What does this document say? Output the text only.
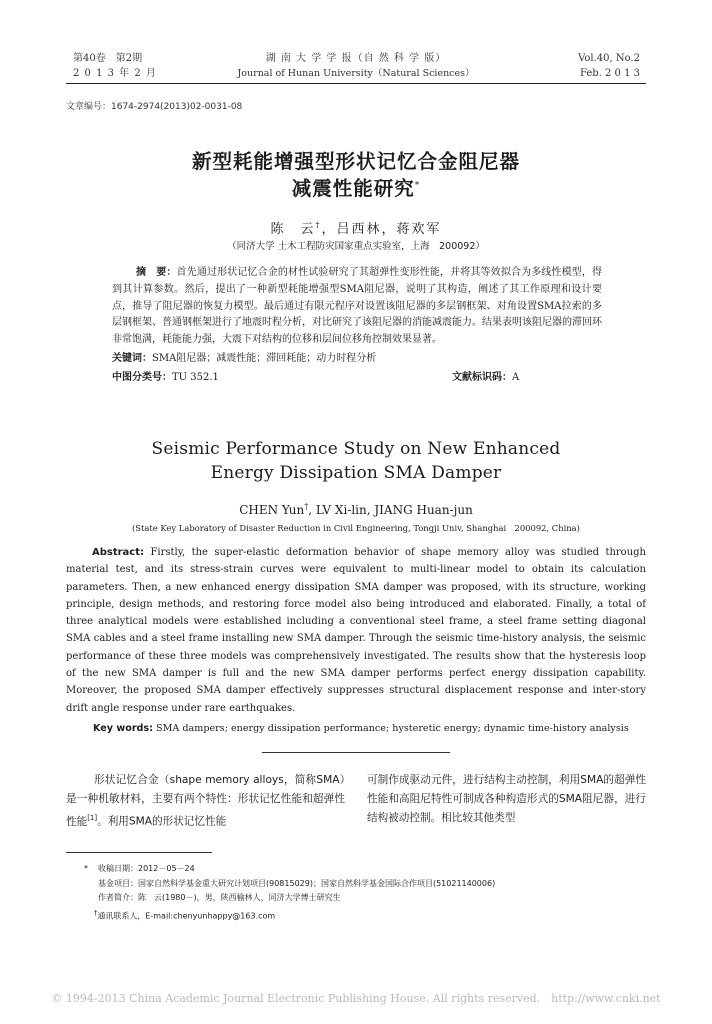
第40卷　第2期
2 0 1 3 年 2 月
湖 南 大 学 学 报（自 然 科 学 版）
Journal of Hunan University（Natural Sciences）
Vol.40, No.2
Feb. 2 0 1 3
文章编号：1674-2974(2013)02-0031-08
新型耗能增强型形状记忆合金阻尼器
减震性能研究*
陈　云†，吕西林，蒋欢军
（同济大学 土木工程防灾国家重点实验室，上海　200092）
摘　要：首先通过形状记忆合金的材性试验研究了其超弹性变形性能，并将其等效拟合为多线性模型，得到其计算参数。然后，提出了一种新型耗能增强型SMA阻尼器，说明了其构造，阐述了其工作原理和设计要点，推导了阻尼器的恢复力模型。最后通过有限元程序对设置该阻尼器的多层钢框架、对角设置SMA拉索的多层钢框架、普通钢框架进行了地震时程分析，对比研究了该阻尼器的消能减震能力。结果表明该阻尼器的滞回环非常饱满，耗能能力强，大震下对结构的位移和层间位移角控制效果显著。
关键词：SMA阻尼器；减震性能；滞回耗能；动力时程分析
中图分类号：TU 352.1	文献标识码：A
Seismic Performance Study on New Enhanced
Energy Dissipation SMA Damper
CHEN Yun†, LV Xi-lin, JIANG Huan-jun
(State Key Laboratory of Disaster Reduction in Civil Engineering, Tongji Univ, Shanghai　200092, China)
Abstract: Firstly, the super-elastic deformation behavior of shape memory alloy was studied through material test, and its stress-strain curves were equivalent to multi-linear model to obtain its calculation parameters. Then, a new enhanced energy dissipation SMA damper was proposed, with its structure, working principle, design methods, and restoring force model also being introduced and elaborated. Finally, a total of three analytical models were established including a conventional steel frame, a steel frame setting diagonal SMA cables and a steel frame installing new SMA damper. Through the seismic time-history analysis, the seismic performance of these three models was comprehensively investigated. The results show that the hysteresis loop of the new SMA damper is full and the new SMA damper performs perfect energy dissipation capability. Moreover, the proposed SMA damper effectively suppresses structural displacement response and inter-story drift angle response under rare earthquakes.
Key words: SMA dampers; energy dissipation performance; hysteretic energy; dynamic time-history analysis
形状记忆合金（shape memory alloys，简称SMA）是一种机敏材料，主要有两个特性：形状记忆性能和超弹性性能[1]。利用SMA的形状记忆性能
可制作成驱动元件，进行结构主动控制，利用SMA的超弹性性能和高阻尼特性可制成各种构造形式的SMA阻尼器，进行结构被动控制。相比较其他类型
* 收稿日期：2012－05－24
基金项目：国家自然科学基金重大研究计划项目(90815029)；国家自然科学基金国际合作项目(51021140006)
作者简介：陈　云(1980－)，男，陕西榆林人，同济大学博士研究生
†通讯联系人，E-mail:chenyunhappy@163.com
© 1994-2013 China Academic Journal Electronic Publishing House. All rights reserved.　http://www.cnki.net
